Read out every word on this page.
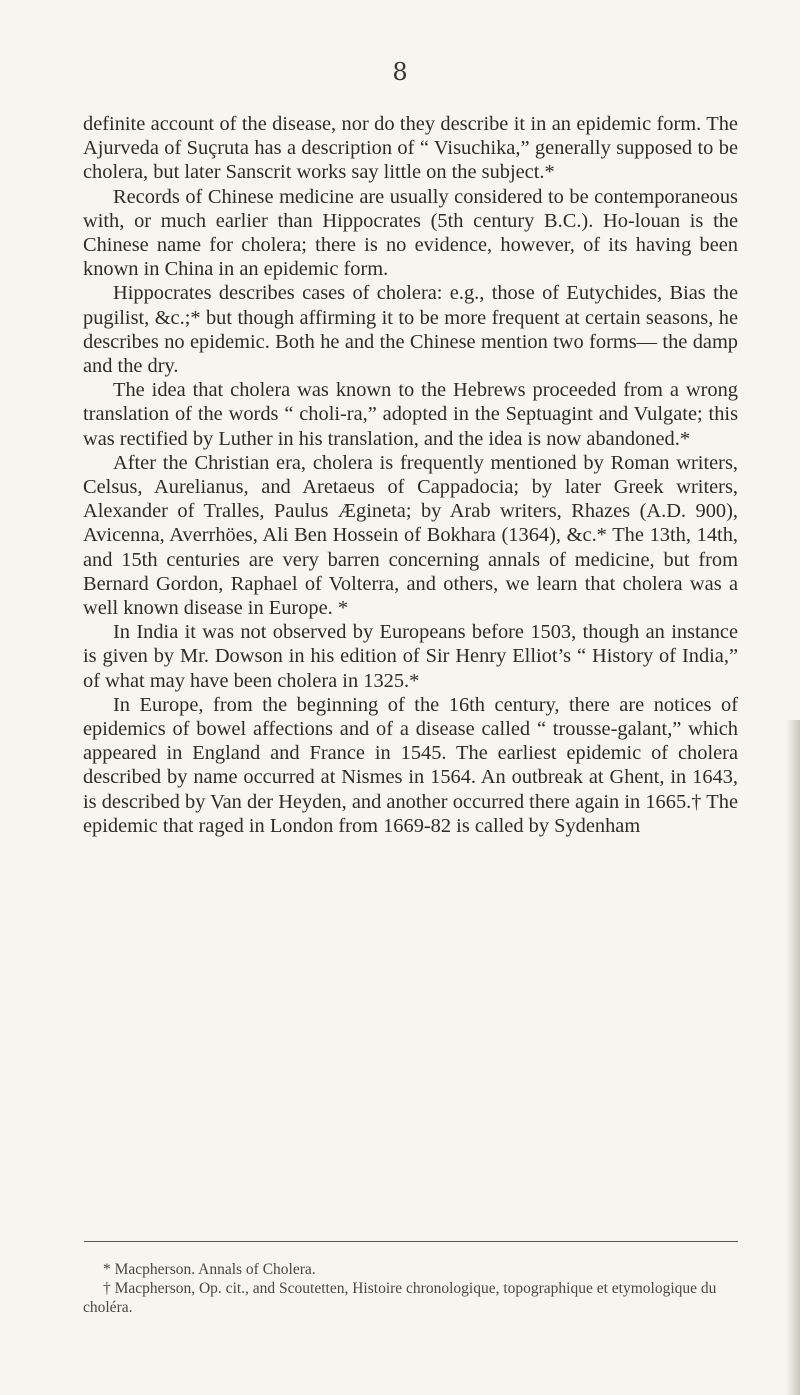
8

definite account of the disease, nor do they describe it in an epidemic form. The Ajurveda of Suçruta has a description of “ Visuchika,” generally supposed to be cholera, but later Sanscrit works say little on the subject.*

Records of Chinese medicine are usually considered to be contemporaneous with, or much earlier than Hippocrates (5th century B.C.). Ho-louan is the Chinese name for cholera; there is no evidence, however, of its having been known in China in an epidemic form.

Hippocrates describes cases of cholera: e.g., those of Eutychides, Bias the pugilist, &c.;* but though affirming it to be more frequent at certain seasons, he describes no epidemic. Both he and the Chinese mention two forms— the damp and the dry.

The idea that cholera was known to the Hebrews proceeded from a wrong translation of the words “ choli-ra,” adopted in the Septuagint and Vulgate; this was rectified by Luther in his translation, and the idea is now abandoned.*

After the Christian era, cholera is frequently mentioned by Roman writers, Celsus, Aurelianus, and Aretaeus of Cappadocia; by later Greek writers, Alexander of Tralles, Paulus Ægineta; by Arab writers, Rhazes (A.D. 900), Avicenna, Averrhöes, Ali Ben Hossein of Bokhara (1364), &c.* The 13th, 14th, and 15th centuries are very barren concerning annals of medicine, but from Bernard Gordon, Raphael of Volterra, and others, we learn that cholera was a well known disease in Europe. *

In India it was not observed by Europeans before 1503, though an instance is given by Mr. Dowson in his edition of Sir Henry Elliot’s “ History of India,” of what may have been cholera in 1325.*

In Europe, from the beginning of the 16th century, there are notices of epidemics of bowel affections and of a disease called “ trousse-galant,” which appeared in England and France in 1545. The earliest epidemic of cholera described by name occurred at Nismes in 1564. An outbreak at Ghent, in 1643, is described by Van der Heyden, and another occurred there again in 1665.† The epidemic that raged in London from 1669-82 is called by Sydenham

* Macpherson. Annals of Cholera.

† Macpherson, Op. cit., and Scoutetten, Histoire chronologique, topographique et etymologique du choléra.
